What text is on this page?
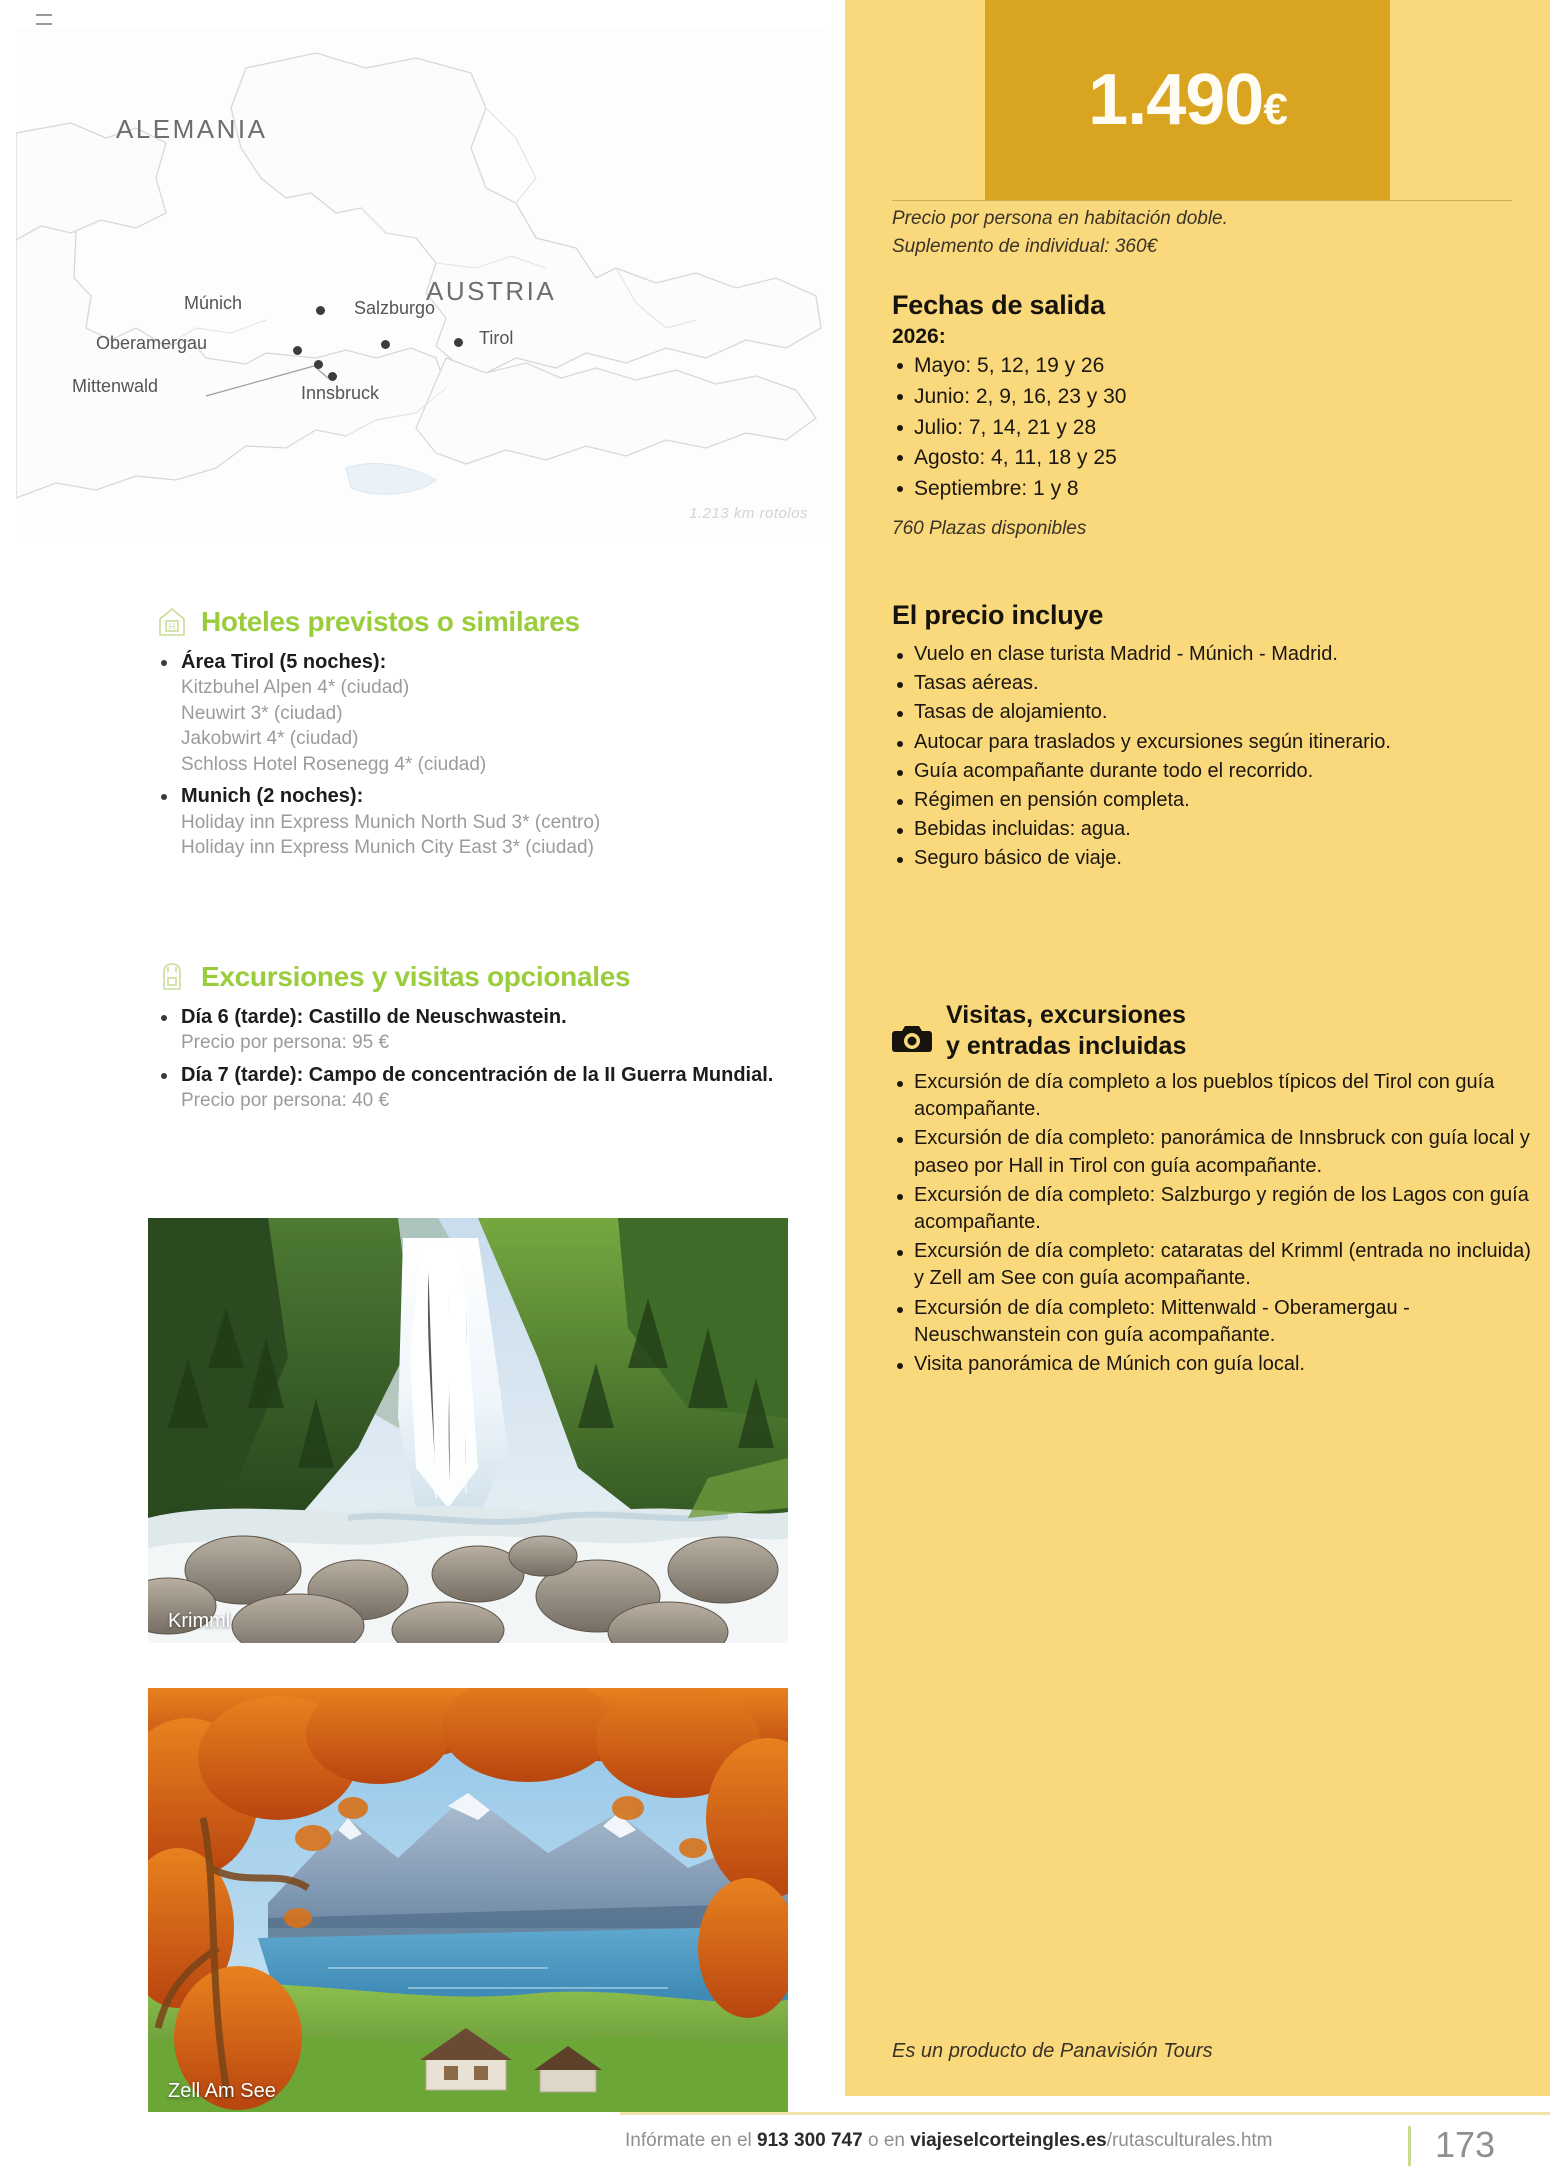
ALEMANIA
AUSTRIA
Múnich	Salzburgo
Tirol
Oberamergau
Innsbruck
Mittenwald
1.213 km rotolos
H Hoteles previstos o similares
Área Tirol (5 noches):
Kitzbuhel Alpen 4* (ciudad)
Neuwirt 3* (ciudad)
Jakobwirt 4* (ciudad)
Schloss Hotel Rosenegg 4* (ciudad)
Munich (2 noches):
Holiday inn Express Munich North Sud 3* (centro)
Holiday inn Express Munich City East 3* (ciudad)
Excursiones y visitas opcionales
Día 6 (tarde): Castillo de Neuschwastein.
Precio por persona: 95 €
Día 7 (tarde): Campo de concentración de la II Guerra Mundial.
Precio por persona: 40 €
Krimml
Zell Am See
1.490€
Precio por persona en habitación doble.
Suplemento de individual: 360€
Fechas de salida
2026:
Mayo: 5, 12, 19 y 26
Junio: 2, 9, 16, 23 y 30
Julio: 7, 14, 21 y 28
Agosto: 4, 11, 18 y 25
Septiembre: 1 y 8
760 Plazas disponibles
El precio incluye
Vuelo en clase turista Madrid - Múnich - Madrid.
Tasas aéreas.
Tasas de alojamiento.
Autocar para traslados y excursiones según itinerario.
Guía acompañante durante todo el recorrido.
Régimen en pensión completa.
Bebidas incluidas: agua.
Seguro básico de viaje.
Visitas, excursiones
y entradas incluidas
Excursión de día completo a los pueblos típicos del Tirol con guía acompañante.
Excursión de día completo: panorámica de Innsbruck con guía local y paseo por Hall in Tirol con guía acompañante.
Excursión de día completo: Salzburgo y región de los Lagos con guía acompañante.
Excursión de día completo: cataratas del Krimml (entrada no incluida) y Zell am See con guía acompañante.
Excursión de día completo: Mittenwald - Oberamergau - Neuschwanstein con guía acompañante.
Visita panorámica de Múnich con guía local.
Es un producto de Panavisión Tours
Infórmate en el 913 300 747 o en viajeselcorteingles.es/rutasculturales.htm	173
